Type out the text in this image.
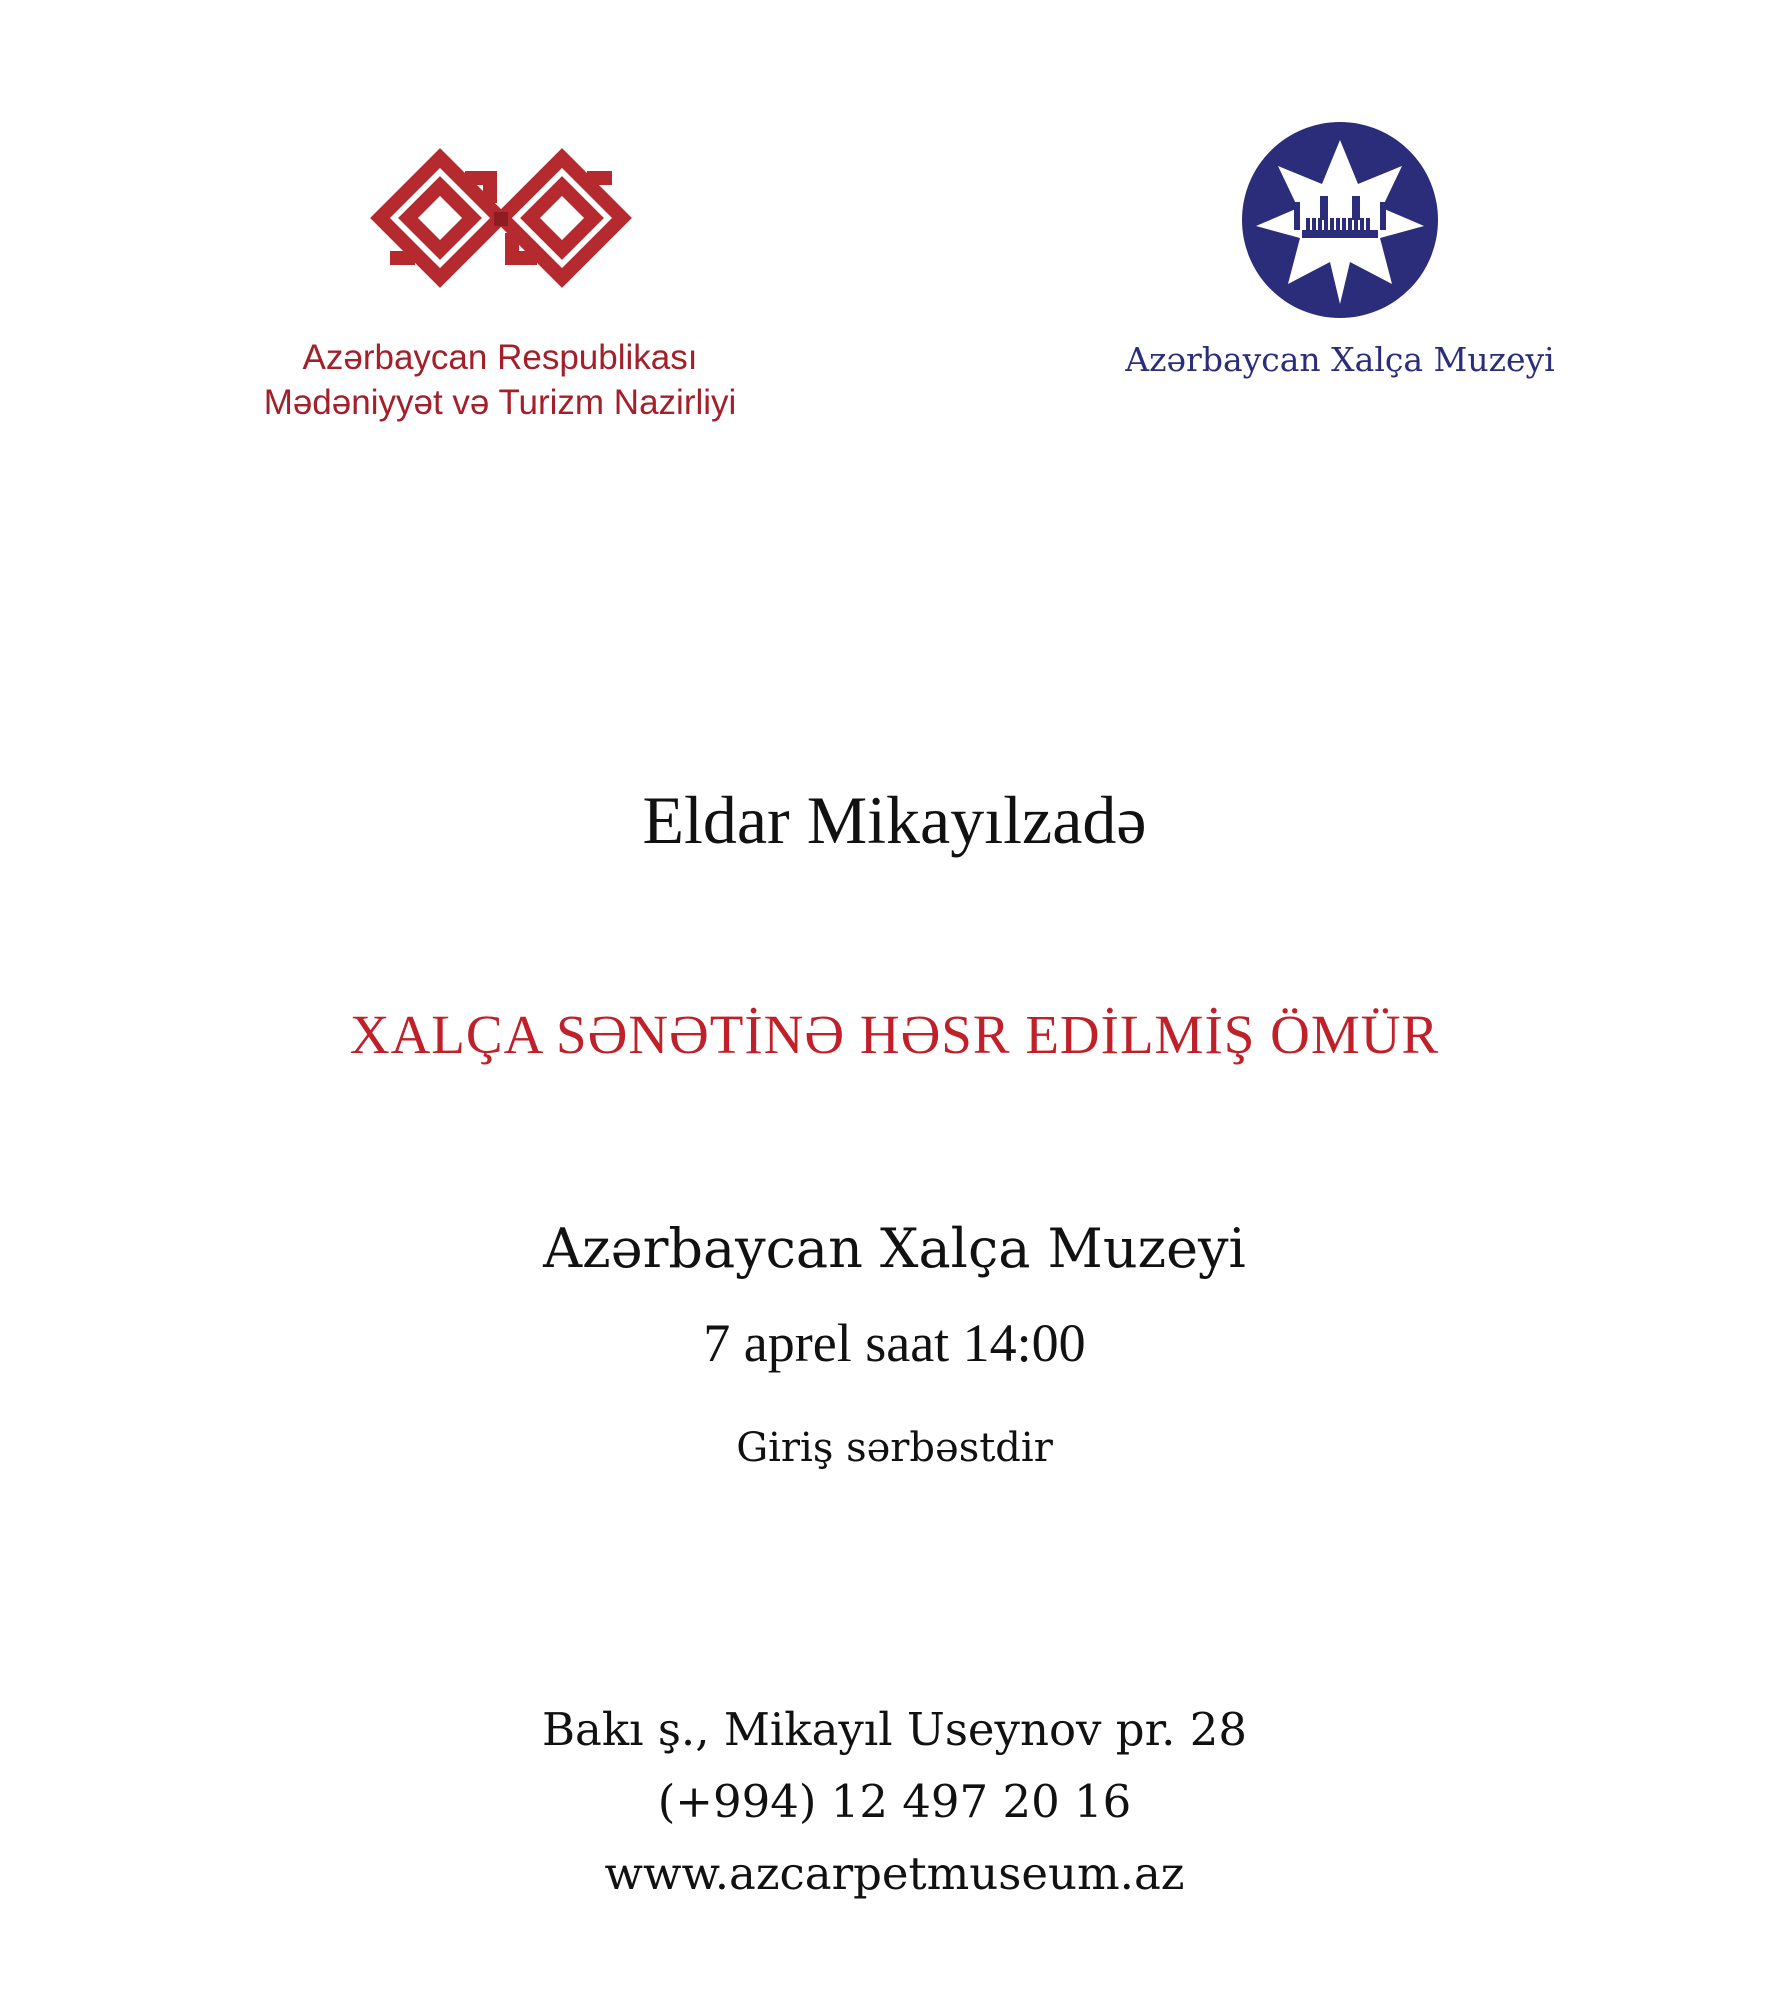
Azərbaycan Respublikası
Mədəniyyət və Turizm Nazirliyi
Azərbaycan Xalça Muzeyi
Eldar Mikayılzadə
XALÇA SƏNƏTİNƏ HƏSR EDİLMİŞ ÖMÜR
Azərbaycan Xalça Muzeyi
7 aprel saat 14:00
Giriş sərbəstdir
Bakı ş., Mikayıl Useynov pr. 28
(+994) 12 497 20 16
www.azcarpetmuseum.az
